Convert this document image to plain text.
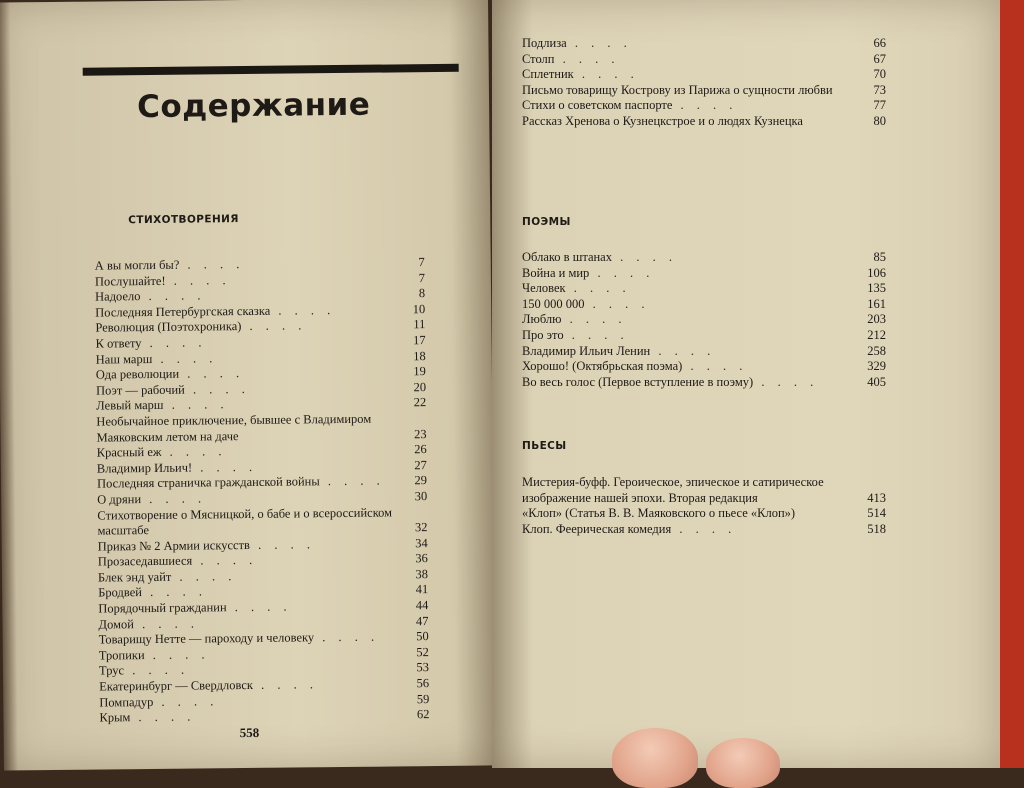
Содержание
СТИХОТВОРЕНИЯ
А вы могли бы? . . . .	7
Послушайте! . . . .	7
Надоело . . . .	8
Последняя Петербургская сказка . . . .	10
Революция (Поэтохроника) . . . .	11
К ответу . . . .	17
Наш марш . . . .	18
Ода революции . . . .	19
Поэт — рабочий . . . .	20
Левый марш . . . .	22
Необычайное приключение, бывшее с Владимиром Маяковским летом на даче	23
Красный еж . . . .	26
Владимир Ильич! . . . .	27
Последняя страничка гражданской войны . . . . 29
О дряни . . . .	30
Стихотворение о Мясницкой, о бабе и о всероссийском масштабе	32
Приказ № 2 Армии искусств . . . .	34
Прозаседавшиеся . . . .	36
Блек энд уайт . . . .	38
Бродвей . . . .	41
Порядочный гражданин . . . .	44
Домой . . . .	47
Товарищу Нетте — пароходу и человеку . . . .	50
Тропики . . . .	52
Трус . . . .	53
Екатеринбург — Свердловск . . . .	56
Помпадур . . . .	59
Крым . . . .	62
558
Подлиза . . . .	66
Столп . . . .	67
Сплетник . . . .	70
Письмо товарищу Кострову из Парижа о сущности любви	73
Стихи о советском паспорте . . . .	77
Рассказ Хренова о Кузнецкстрое и о людях Кузнецка	80
ПОЭМЫ
Облако в штанах . . . .	85
Война и мир . . . .	106
Человек . . . .	135
150 000 000 . . . .	161
Люблю . . . .	203
Про это . . . .	212
Владимир Ильич Ленин . . . .	258
Хорошо! (Октябрьская поэма) . . . .	329
Во весь голос (Первое вступление в поэму) . . . .	405
ПЬЕСЫ
Мистерия-буфф. Героическое, эпическое и сатирическое изображение нашей эпохи. Вторая редакция	413
«Клоп» (Статья В. В. Маяковского о пьесе «Клоп»)	514
Клоп. Феерическая комедия . . . .	518
